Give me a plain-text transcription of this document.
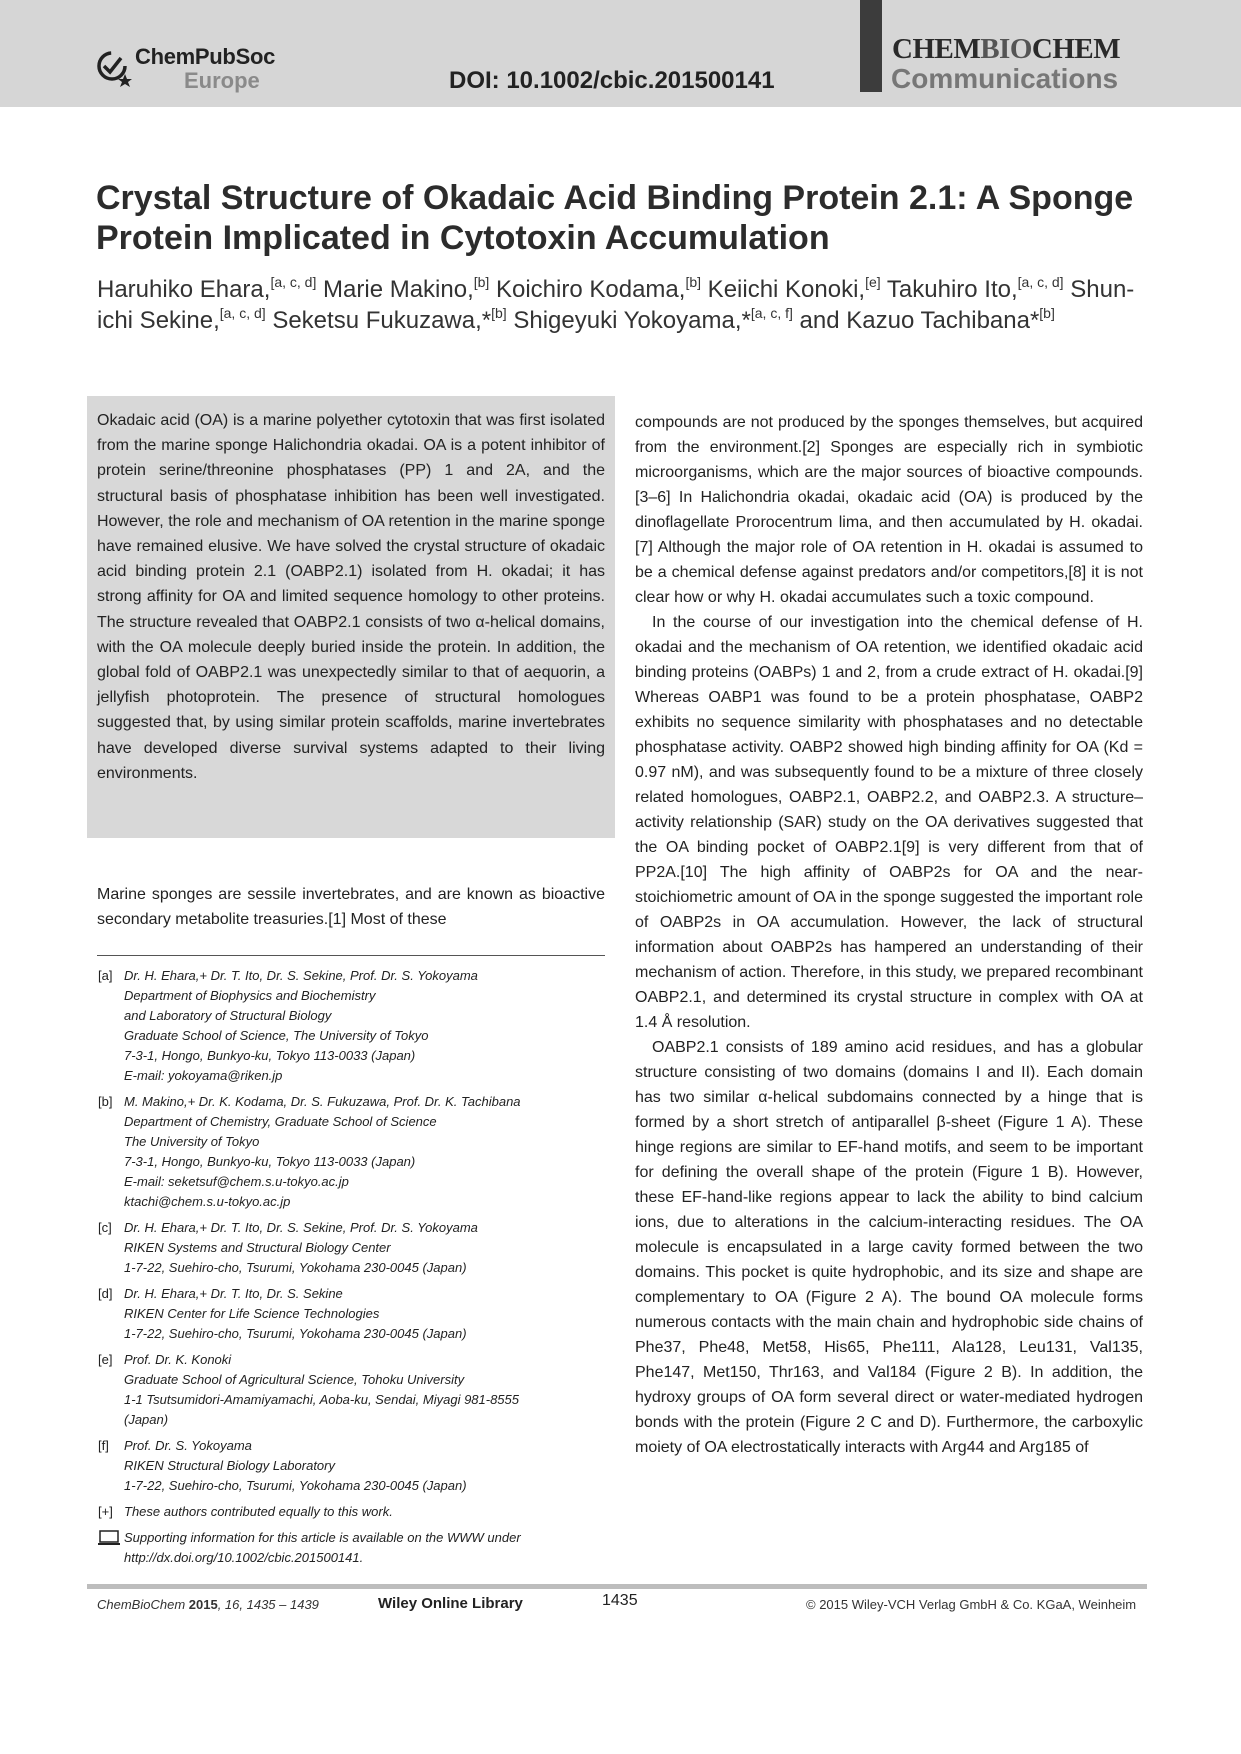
ChemPubSoc
Europe	DOI: 10.1002/cbic.201500141
CHEMBIOCHEM
Communications
Crystal Structure of Okadaic Acid Binding Protein 2.1: A Sponge Protein Implicated in Cytotoxin Accumulation

Haruhiko Ehara,[a, c, d] Marie Makino,[b] Koichiro Kodama,[b] Keiichi Konoki,[e] Takuhiro Ito,[a, c, d] Shun-ichi Sekine,[a, c, d] Seketsu Fukuzawa,*[b] Shigeyuki Yokoyama,*[a, c, f] and Kazuo Tachibana*[b]

Okadaic acid (OA) is a marine polyether cytotoxin that was first isolated from the marine sponge Halichondria okadai. OA is a potent inhibitor of protein serine/threonine phosphatases (PP) 1 and 2A, and the structural basis of phosphatase inhibition has been well investigated. However, the role and mechanism of OA retention in the marine sponge have remained elusive. We have solved the crystal structure of okadaic acid binding protein 2.1 (OABP2.1) isolated from H. okadai; it has strong affinity for OA and limited sequence homology to other proteins. The structure revealed that OABP2.1 consists of two α-helical domains, with the OA molecule deeply buried inside the protein. In addition, the global fold of OABP2.1 was unexpectedly similar to that of aequorin, a jellyfish photoprotein. The presence of structural homologues suggested that, by using similar protein scaffolds, marine invertebrates have developed diverse survival systems adapted to their living environments.

Marine sponges are sessile invertebrates, and are known as bioactive secondary metabolite treasuries.[1] Most of these

[a] Dr. H. Ehara,+ Dr. T. Ito, Dr. S. Sekine, Prof. Dr. S. Yokoyama
Department of Biophysics and Biochemistry
and Laboratory of Structural Biology
Graduate School of Science, The University of Tokyo
7-3-1, Hongo, Bunkyo-ku, Tokyo 113-0033 (Japan)
E-mail: yokoyama@riken.jp
[b] M. Makino,+ Dr. K. Kodama, Dr. S. Fukuzawa, Prof. Dr. K. Tachibana
Department of Chemistry, Graduate School of Science
The University of Tokyo
7-3-1, Hongo, Bunkyo-ku, Tokyo 113-0033 (Japan)
E-mail: seketsuf@chem.s.u-tokyo.ac.jp
ktachi@chem.s.u-tokyo.ac.jp
[c] Dr. H. Ehara,+ Dr. T. Ito, Dr. S. Sekine, Prof. Dr. S. Yokoyama
RIKEN Systems and Structural Biology Center
1-7-22, Suehiro-cho, Tsurumi, Yokohama 230-0045 (Japan)
[d] Dr. H. Ehara,+ Dr. T. Ito, Dr. S. Sekine
RIKEN Center for Life Science Technologies
1-7-22, Suehiro-cho, Tsurumi, Yokohama 230-0045 (Japan)
[e] Prof. Dr. K. Konoki
Graduate School of Agricultural Science, Tohoku University
1-1 Tsutsumidori-Amamiyamachi, Aoba-ku, Sendai, Miyagi 981-8555
(Japan)
[f] Prof. Dr. S. Yokoyama
RIKEN Structural Biology Laboratory
1-7-22, Suehiro-cho, Tsurumi, Yokohama 230-0045 (Japan)
[+] These authors contributed equally to this work.
Supporting information for this article is available on the WWW under http://dx.doi.org/10.1002/cbic.201500141.

compounds are not produced by the sponges themselves, but acquired from the environment.[2] Sponges are especially rich in symbiotic microorganisms, which are the major sources of bioactive compounds.[3–6] In Halichondria okadai, okadaic acid (OA) is produced by the dinoflagellate Prorocentrum lima, and then accumulated by H. okadai.[7] Although the major role of OA retention in H. okadai is assumed to be a chemical defense against predators and/or competitors,[8] it is not clear how or why H. okadai accumulates such a toxic compound.

In the course of our investigation into the chemical defense of H. okadai and the mechanism of OA retention, we identified okadaic acid binding proteins (OABPs) 1 and 2, from a crude extract of H. okadai.[9] Whereas OABP1 was found to be a protein phosphatase, OABP2 exhibits no sequence similarity with phosphatases and no detectable phosphatase activity. OABP2 showed high binding affinity for OA (Kd = 0.97 nM), and was subsequently found to be a mixture of three closely related homologues, OABP2.1, OABP2.2, and OABP2.3. A structure–activity relationship (SAR) study on the OA derivatives suggested that the OA binding pocket of OABP2.1[9] is very different from that of PP2A.[10] The high affinity of OABP2s for OA and the near-stoichiometric amount of OA in the sponge suggested the important role of OABP2s in OA accumulation. However, the lack of structural information about OABP2s has hampered an understanding of their mechanism of action. Therefore, in this study, we prepared recombinant OABP2.1, and determined its crystal structure in complex with OA at 1.4 Å resolution.

OABP2.1 consists of 189 amino acid residues, and has a globular structure consisting of two domains (domains I and II). Each domain has two similar α-helical subdomains connected by a hinge that is formed by a short stretch of antiparallel β-sheet (Figure 1 A). These hinge regions are similar to EF-hand motifs, and seem to be important for defining the overall shape of the protein (Figure 1 B). However, these EF-hand-like regions appear to lack the ability to bind calcium ions, due to alterations in the calcium-interacting residues. The OA molecule is encapsulated in a large cavity formed between the two domains. This pocket is quite hydrophobic, and its size and shape are complementary to OA (Figure 2 A). The bound OA molecule forms numerous contacts with the main chain and hydrophobic side chains of Phe37, Phe48, Met58, His65, Phe111, Ala128, Leu131, Val135, Phe147, Met150, Thr163, and Val184 (Figure 2 B). In addition, the hydroxy groups of OA form several direct or water-mediated hydrogen bonds with the protein (Figure 2 C and D). Furthermore, the carboxylic moiety of OA electrostatically interacts with Arg44 and Arg185 of

ChemBioChem 2015, 16, 1435 – 1439	Wiley Online Library	1435	© 2015 Wiley-VCH Verlag GmbH & Co. KGaA, Weinheim
